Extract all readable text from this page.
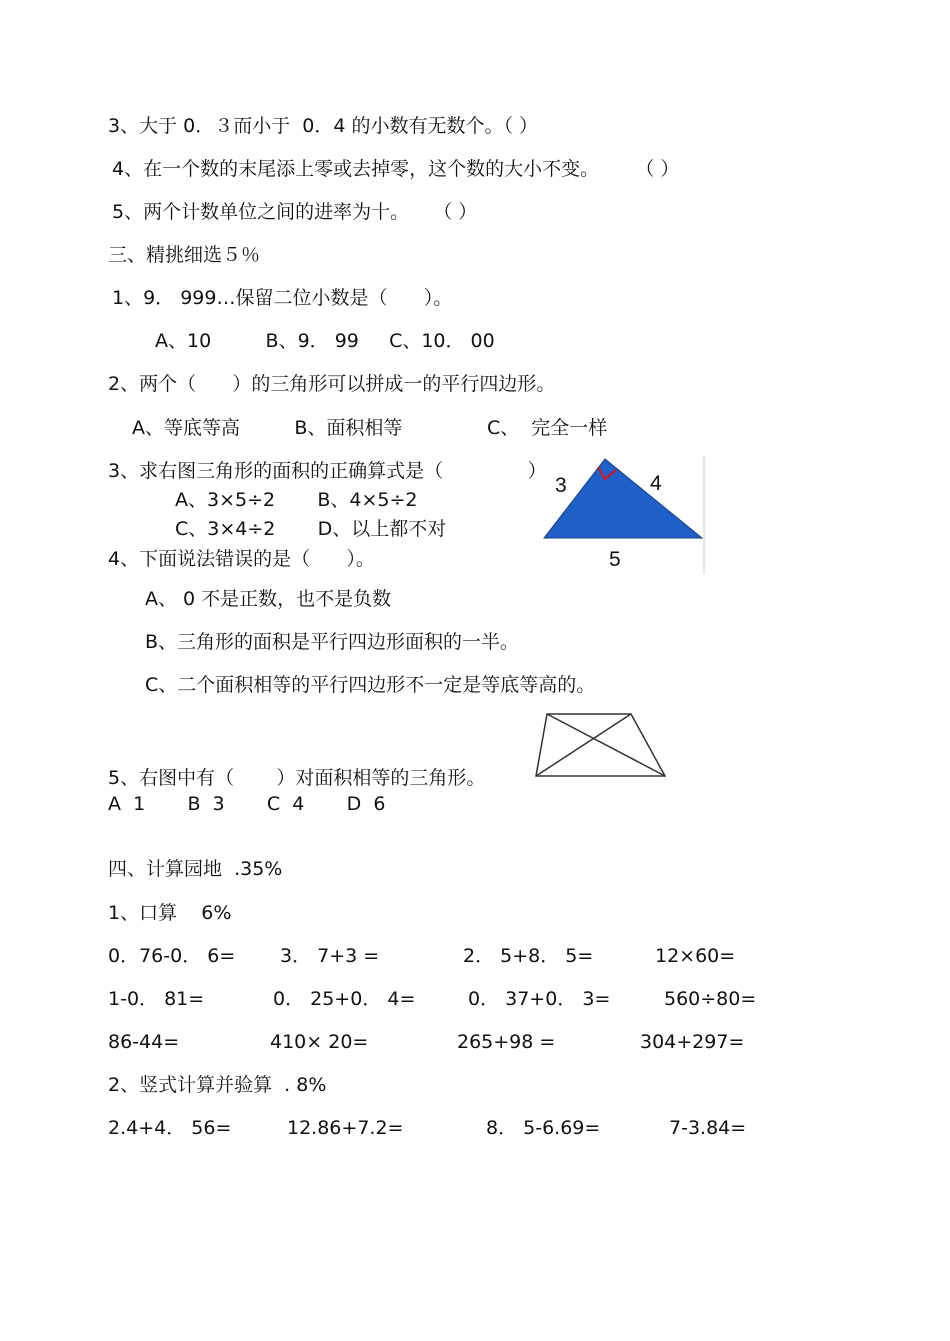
3、大于 0．３而小于  0．4 的小数有无数个。（ ）
4、在一个数的末尾添上零或去掉零，这个数的大小不变。      （ ）
5、两个计数单位之间的进率为十。    （ ）
三、精挑细选５％
1、9． 999…保留二位小数是（      ）。
A、10         B、9． 99     C、10． 00
2、两个（      ）的三角形可以拼成一的平行四边形。
A、等底等高         B、面积相等              C、  完全一样
3、求右图三角形的面积的正确算式是（              ）
A、3×5÷2       B、4×5÷2
C、3×4÷2       D、以上都不对
4、下面说法错误的是（      ）。
A、 0 不是正数，也不是负数
B、三角形的面积是平行四边形面积的一半。
C、二个面积相等的平行四边形不一定是等底等高的。
5、右图中有（       ）对面积相等的三角形。
A  1       B  3       C  4       D  6
3	4
5
四、计算园地  .35%
1、口算    6%
0．76-0． 6= 3． 7+3 =	2． 5+8． 5=	12×60=
1-0． 81=	0． 25+0． 4=	0． 37+0． 3=	560÷80=
86-44=	410× 20=	265+98 =	304+297=
2、竖式计算并验算  . 8%
2.4+4． 56=	12.86+7.2=	8． 5-6.69=	7-3.84=
